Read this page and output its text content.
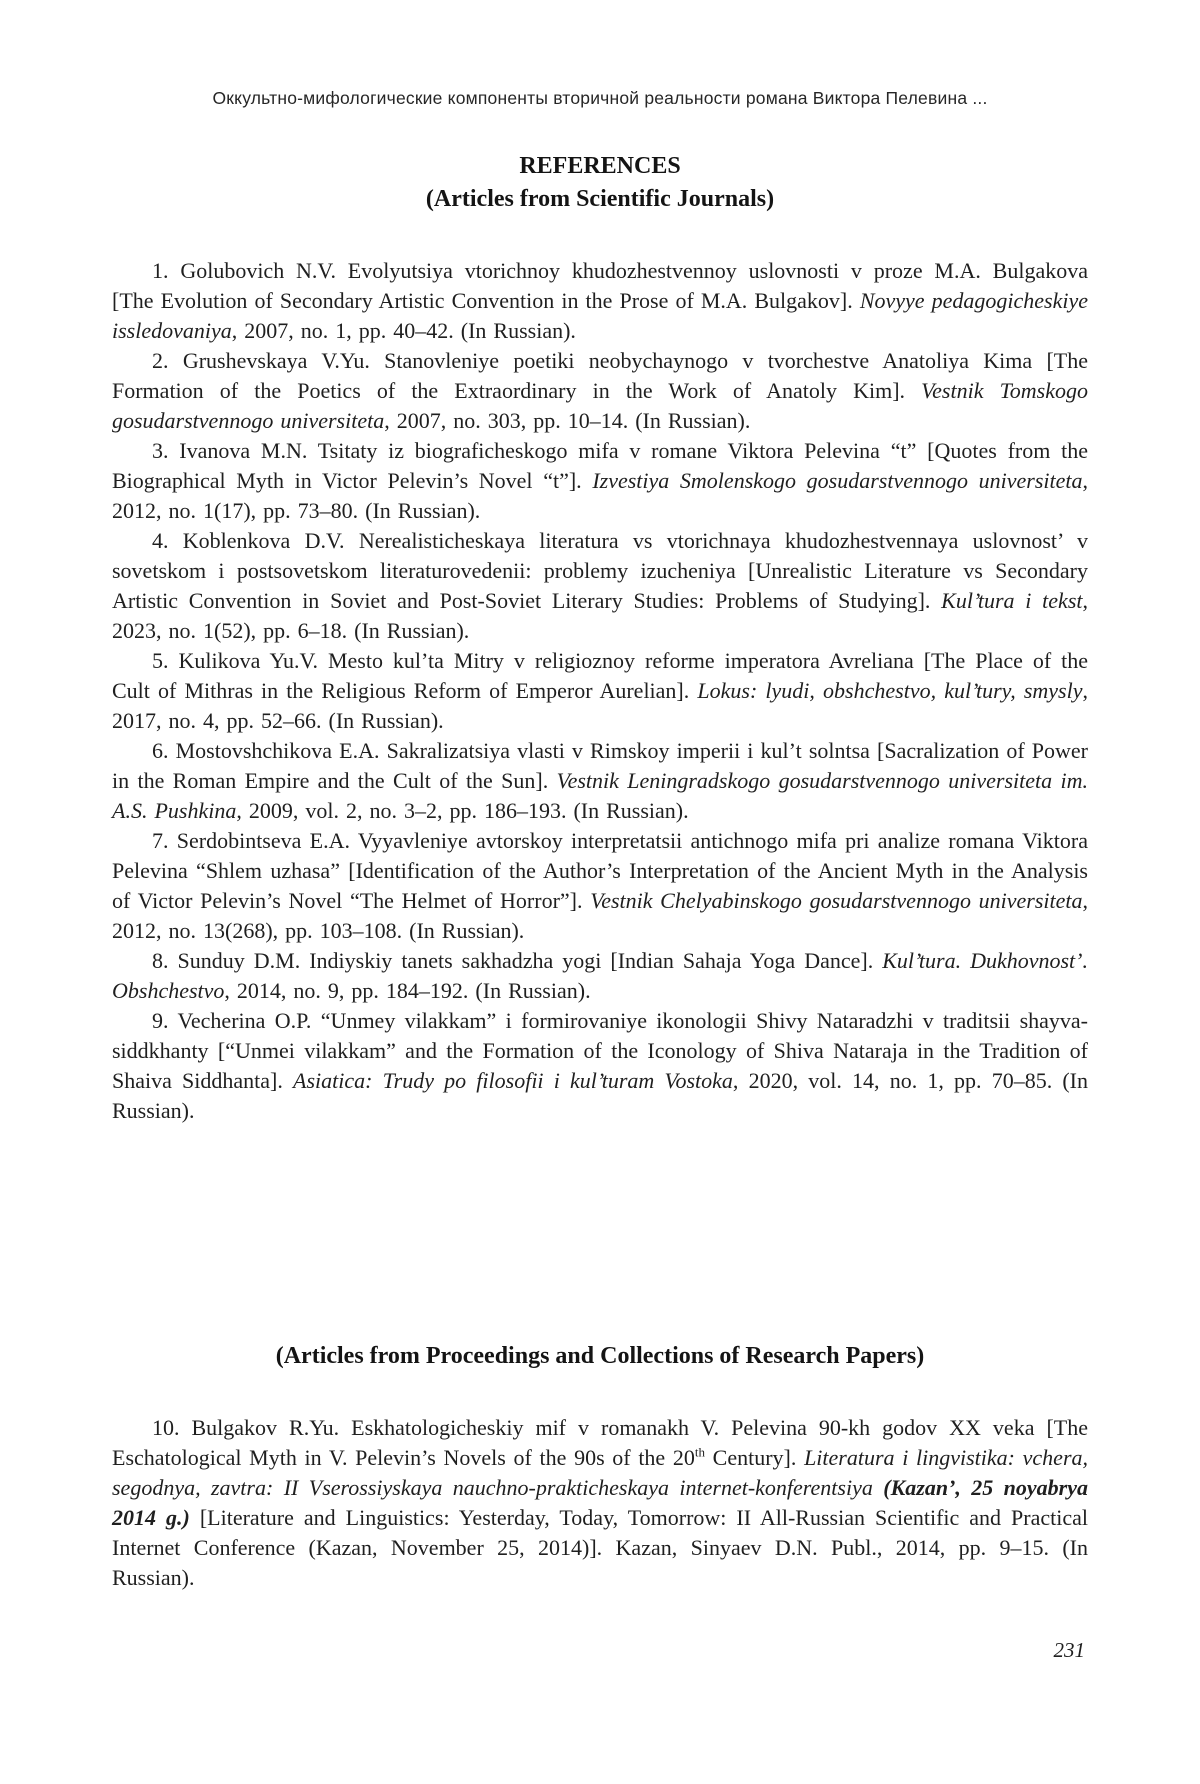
Оккультно-мифологические компоненты вторичной реальности романа Виктора Пелевина ...
REFERENCES
(Articles from Scientific Journals)

1. Golubovich N.V. Evolyutsiya vtorichnoy khudozhestvennoy uslovnosti v proze M.A. Bulgakova [The Evolution of Secondary Artistic Convention in the Prose of M.A. Bulgakov]. Novyye pedagogicheskiye issledovaniya, 2007, no. 1, pp. 40–42. (In Russian).

2. Grushevskaya V.Yu. Stanovleniye poetiki neobychaynogo v tvorchestve Anatoliya Kima [The Formation of the Poetics of the Extraordinary in the Work of Anatoly Kim]. Vestnik Tomskogo gosudarstvennogo universiteta, 2007, no. 303, pp. 10–14. (In Russian).

3. Ivanova M.N. Tsitaty iz biograficheskogo mifa v romane Viktora Pelevina “t” [Quotes from the Biographical Myth in Victor Pelevin’s Novel “t”]. Izvestiya Smolenskogo gosudarstvennogo universiteta, 2012, no. 1(17), pp. 73–80. (In Russian).

4. Koblenkova D.V. Nerealisticheskaya literatura vs vtorichnaya khudozhestvennaya uslovnost’ v sovetskom i postsovetskom literaturovedenii: problemy izucheniya [Unrealistic Literature vs Secondary Artistic Convention in Soviet and Post-Soviet Literary Studies: Problems of Studying]. Kul’tura i tekst, 2023, no. 1(52), pp. 6–18. (In Russian).

5. Kulikova Yu.V. Mesto kul’ta Mitry v religioznoy reforme imperatora Avreliana [The Place of the Cult of Mithras in the Religious Reform of Emperor Aurelian]. Lokus: lyudi, obshchestvo, kul’tury, smysly, 2017, no. 4, pp. 52–66. (In Russian).

6. Mostovshchikova E.A. Sakralizatsiya vlasti v Rimskoy imperii i kul’t solntsa [Sacralization of Power in the Roman Empire and the Cult of the Sun]. Vestnik Leningradskogo gosudarstvennogo universiteta im. A.S. Pushkina, 2009, vol. 2, no. 3–2, pp. 186–193. (In Russian).

7. Serdobintseva E.A. Vyyavleniye avtorskoy interpretatsii antichnogo mifa pri analize romana Viktora Pelevina “Shlem uzhasa” [Identification of the Author’s Interpretation of the Ancient Myth in the Analysis of Victor Pelevin’s Novel “The Helmet of Horror”]. Vestnik Chelyabinskogo gosudarstvennogo universiteta, 2012, no. 13(268), pp. 103–108. (In Russian).

8. Sunduy D.M. Indiyskiy tanets sakhadzha yogi [Indian Sahaja Yoga Dance]. Kul’tura. Dukhovnost’. Obshchestvo, 2014, no. 9, pp. 184–192. (In Russian).

9. Vecherina O.P. “Unmey vilakkam” i formirovaniye ikonologii Shivy Nataradzhi v traditsii shayva-siddkhanty [“Unmei vilakkam” and the Formation of the Iconology of Shiva Nataraja in the Tradition of Shaiva Siddhanta]. Asiatica: Trudy po filosofii i kul’turam Vostoka, 2020, vol. 14, no. 1, pp. 70–85. (In Russian).

(Articles from Proceedings and Collections of Research Papers)

10. Bulgakov R.Yu. Eskhatologicheskiy mif v romanakh V. Pelevina 90-kh godov XX veka [The Eschatological Myth in V. Pelevin’s Novels of the 90s of the 20th Century]. Literatura i lingvistika: vchera, segodnya, zavtra: II Vserossiyskaya nauchno-prakticheskaya internet-konferentsiya (Kazan’, 25 noyabrya 2014 g.) [Literature and Linguistics: Yesterday, Today, Tomorrow: II All-Russian Scientific and Practical Internet Conference (Kazan, November 25, 2014)]. Kazan, Sinyaev D.N. Publ., 2014, pp. 9–15. (In Russian).

231
